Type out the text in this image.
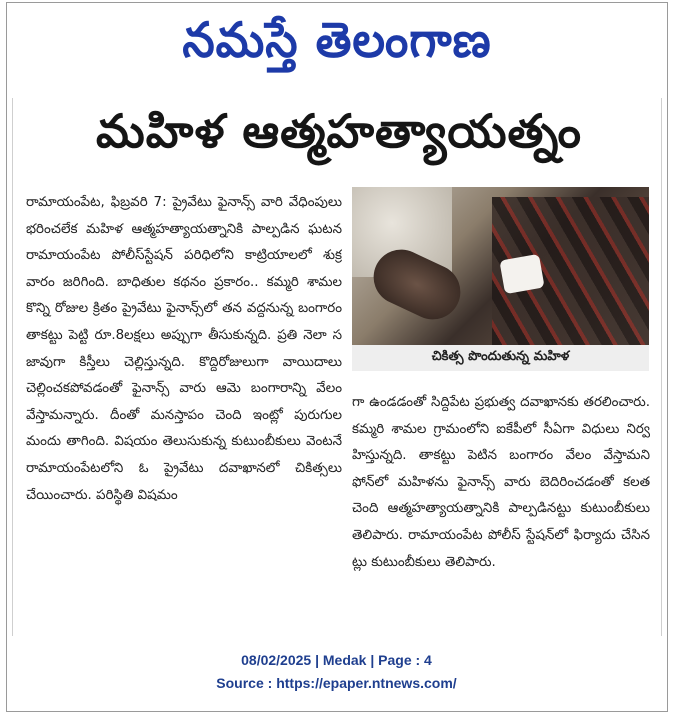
నమస్తే తెలంగాణ
మహిళ ఆత్మహత్యాయత్నం
రామాయంపేట, ఫిబ్రవరి 7: ప్రైవేటు ఫైనాన్స్ వారి వేధింపులు భరించలేక మహిళ ఆత్మహత్యాయత్నానికి పాల్పడిన ఘటన రామాయంపేట పోలీస్‌స్టేషన్ పరిధిలోని కాట్రియాలలో శుక్రవారం జరిగింది. బాధితుల కథనం ప్రకారం.. కమ్మరి శామల కొన్ని రోజుల క్రితం ప్రైవేటు ఫైనాన్స్‌లో తన వద్దనున్న బంగారం తాకట్టు పెట్టి రూ.8లక్షలు అప్పుగా తీసుకున్నది. ప్రతి నెలా సజావుగా కిస్తీలు చెల్లిస్తున్నది. కొద్దిరోజులుగా వాయిదాలు చెల్లించకపోవడంతో ఫైనాన్స్ వారు ఆమె బంగారాన్ని వేలం వేస్తామన్నారు. దీంతో మనస్తాపం చెంది ఇంట్లో పురుగుల మందు తాగింది. విషయం తెలుసుకున్న కుటుంబీకులు వెంటనే రామాయంపేటలోని ఓ ప్రైవేటు దవాఖానలో చికిత్సలు చేయించారు. పరిస్థితి విషమం
చికిత్స పొందుతున్న మహిళ
గా ఉండడంతో సిద్దిపేట ప్రభుత్వ దవాఖానకు తరలించారు. కమ్మరి శామల గ్రామంలోని ఐకేపీలో సీఏగా విధులు నిర్వహిస్తున్నది. తాకట్టు పెటిన బంగారం వేలం వేస్తామని ఫోన్‌లో మహిళను ఫైనాన్స్ వారు బెదిరించడంతో కలతచెంది ఆత్మహత్యాయత్నానికి పాల్పడినట్టు కుటుంబీకులు తెలిపారు. రామాయంపేట పోలీస్ స్టేషన్‌లో ఫిర్యాదు చేసినట్లు కుటుంబీకులు తెలిపారు.
08/02/2025 | Medak | Page : 4
Source : https://epaper.ntnews.com/
